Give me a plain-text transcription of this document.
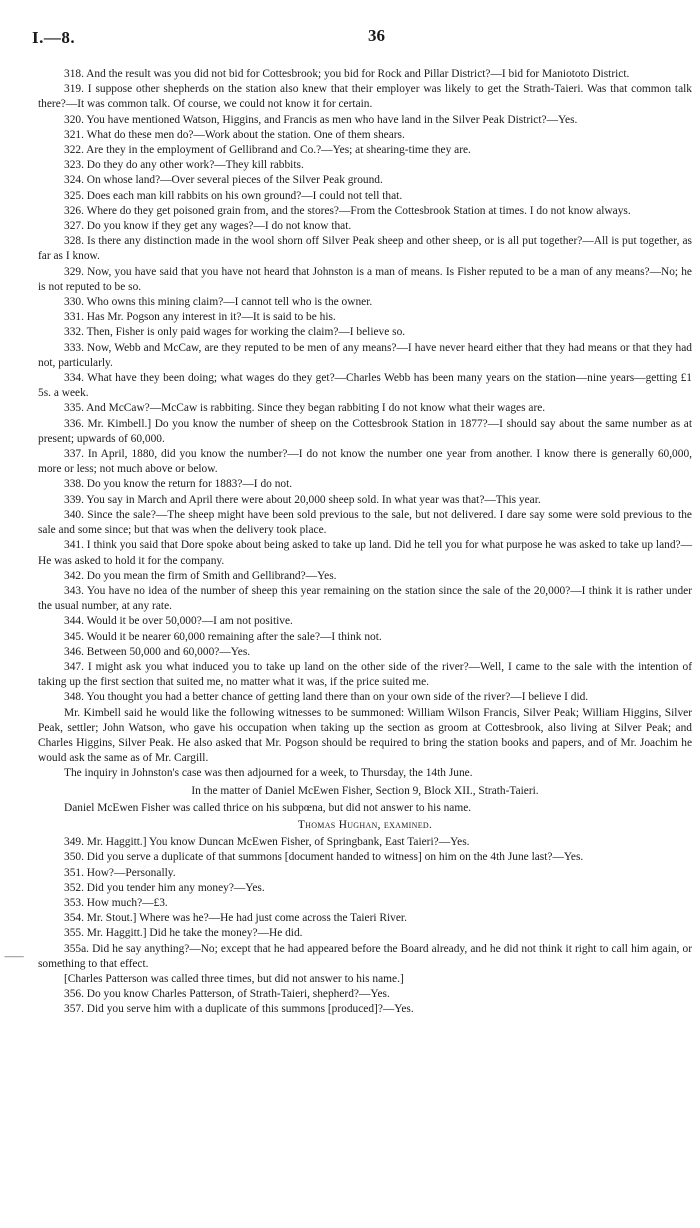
I.—8.	36
⸺

318. And the result was you did not bid for Cottesbrook; you bid for Rock and Pillar District?—I bid for Maniototo District.

319. I suppose other shepherds on the station also knew that their employer was likely to get the Strath-Taieri. Was that common talk there?—It was common talk. Of course, we could not know it for certain.

320. You have mentioned Watson, Higgins, and Francis as men who have land in the Silver Peak District?—Yes.

321. What do these men do?—Work about the station. One of them shears.

322. Are they in the employment of Gellibrand and Co.?—Yes; at shearing-time they are.

323. Do they do any other work?—They kill rabbits.

324. On whose land?—Over several pieces of the Silver Peak ground.

325. Does each man kill rabbits on his own ground?—I could not tell that.

326. Where do they get poisoned grain from, and the stores?—From the Cottesbrook Station at times. I do not know always.

327. Do you know if they get any wages?—I do not know that.

328. Is there any distinction made in the wool shorn off Silver Peak sheep and other sheep, or is all put together?—All is put together, as far as I know.

329. Now, you have said that you have not heard that Johnston is a man of means. Is Fisher reputed to be a man of any means?—No; he is not reputed to be so.

330. Who owns this mining claim?—I cannot tell who is the owner.

331. Has Mr. Pogson any interest in it?—It is said to be his.

332. Then, Fisher is only paid wages for working the claim?—I believe so.

333. Now, Webb and McCaw, are they reputed to be men of any means?—I have never heard either that they had means or that they had not, particularly.

334. What have they been doing; what wages do they get?—Charles Webb has been many years on the station—nine years—getting £1 5s. a week.

335. And McCaw?—McCaw is rabbiting. Since they began rabbiting I do not know what their wages are.

336. Mr. Kimbell.] Do you know the number of sheep on the Cottesbrook Station in 1877?—I should say about the same number as at present; upwards of 60,000.

337. In April, 1880, did you know the number?—I do not know the number one year from another. I know there is generally 60,000, more or less; not much above or below.

338. Do you know the return for 1883?—I do not.

339. You say in March and April there were about 20,000 sheep sold. In what year was that?—This year.

340. Since the sale?—The sheep might have been sold previous to the sale, but not delivered. I dare say some were sold previous to the sale and some since; but that was when the delivery took place.

341. I think you said that Dore spoke about being asked to take up land. Did he tell you for what purpose he was asked to take up land?—He was asked to hold it for the company.

342. Do you mean the firm of Smith and Gellibrand?—Yes.

343. You have no idea of the number of sheep this year remaining on the station since the sale of the 20,000?—I think it is rather under the usual number, at any rate.

344. Would it be over 50,000?—I am not positive.

345. Would it be nearer 60,000 remaining after the sale?—I think not.

346. Between 50,000 and 60,000?—Yes.

347. I might ask you what induced you to take up land on the other side of the river?—Well, I came to the sale with the intention of taking up the first section that suited me, no matter what it was, if the price suited me.

348. You thought you had a better chance of getting land there than on your own side of the river?—I believe I did.

Mr. Kimbell said he would like the following witnesses to be summoned: William Wilson Francis, Silver Peak; William Higgins, Silver Peak, settler; John Watson, who gave his occupation when taking up the section as groom at Cottesbrook, also living at Silver Peak; and Charles Higgins, Silver Peak. He also asked that Mr. Pogson should be required to bring the station books and papers, and of Mr. Joachim he would ask the same as of Mr. Cargill.

The inquiry in Johnston's case was then adjourned for a week, to Thursday, the 14th June.

In the matter of Daniel McEwen Fisher, Section 9, Block XII., Strath-Taieri.

Daniel McEwen Fisher was called thrice on his subpœna, but did not answer to his name.

Thomas Hughan, examined.

349. Mr. Haggitt.] You know Duncan McEwen Fisher, of Springbank, East Taieri?—Yes.

350. Did you serve a duplicate of that summons [document handed to witness] on him on the 4th June last?—Yes.

351. How?—Personally.

352. Did you tender him any money?—Yes.

353. How much?—£3.

354. Mr. Stout.] Where was he?—He had just come across the Taieri River.

355. Mr. Haggitt.] Did he take the money?—He did.

355a. Did he say anything?—No; except that he had appeared before the Board already, and he did not think it right to call him again, or something to that effect.

[Charles Patterson was called three times, but did not answer to his name.]

356. Do you know Charles Patterson, of Strath-Taieri, shepherd?—Yes.

357. Did you serve him with a duplicate of this summons [produced]?—Yes.
